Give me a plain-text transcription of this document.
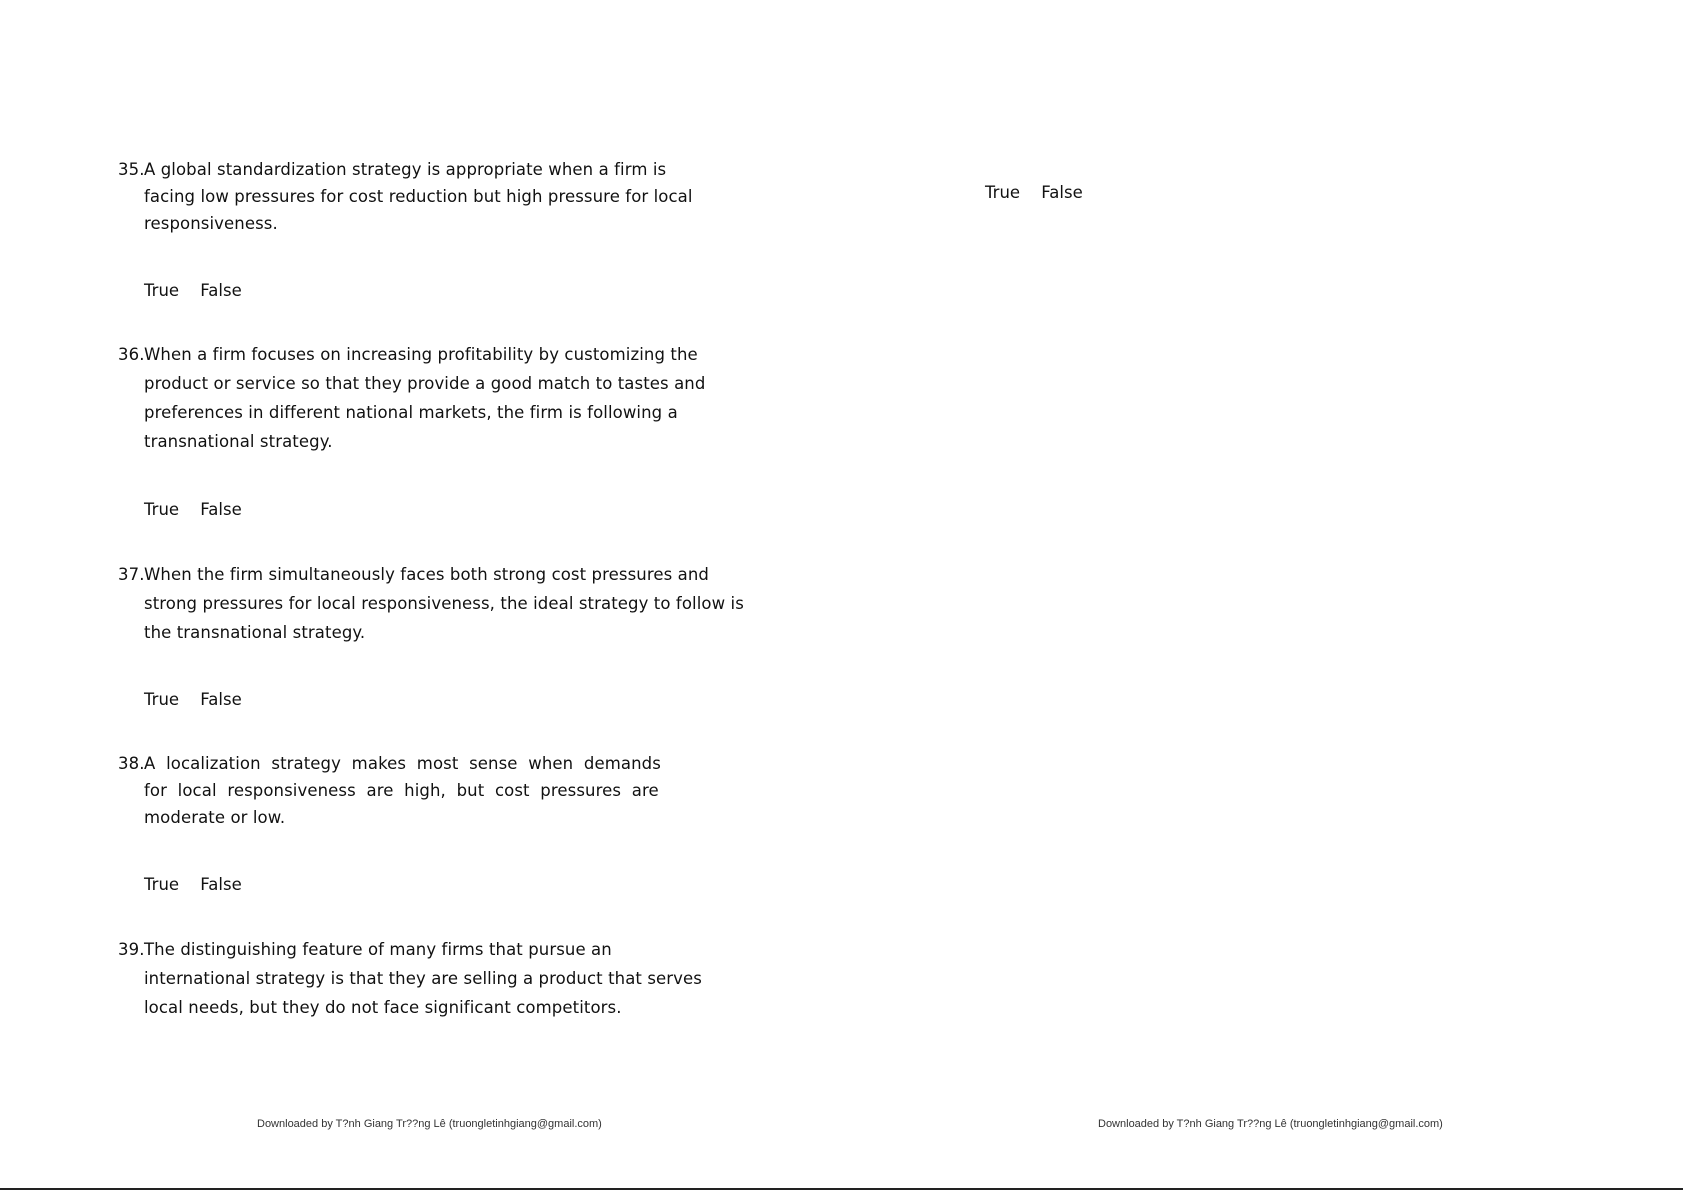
35. A global standardization strategy is appropriate when a firm is
facing low pressures for cost reduction but high pressure for local
responsiveness.
True False
36. When a firm focuses on increasing profitability by customizing the
product or service so that they provide a good match to tastes and
preferences in different national markets, the firm is following a
transnational strategy.
True False
37. When the firm simultaneously faces both strong cost pressures and
strong pressures for local responsiveness, the ideal strategy to follow is
the transnational strategy.
True False
38. A  localization  strategy  makes  most  sense  when  demands
for  local  responsiveness  are  high,  but  cost  pressures  are
moderate or low.
True False
39. The distinguishing feature of many firms that pursue an
international strategy is that they are selling a product that serves
local needs, but they do not face significant competitors.
Downloaded by T?nh Giang Tr??ng Lê (truongletinhgiang@gmail.com)
True False
Downloaded by T?nh Giang Tr??ng Lê (truongletinhgiang@gmail.com)
